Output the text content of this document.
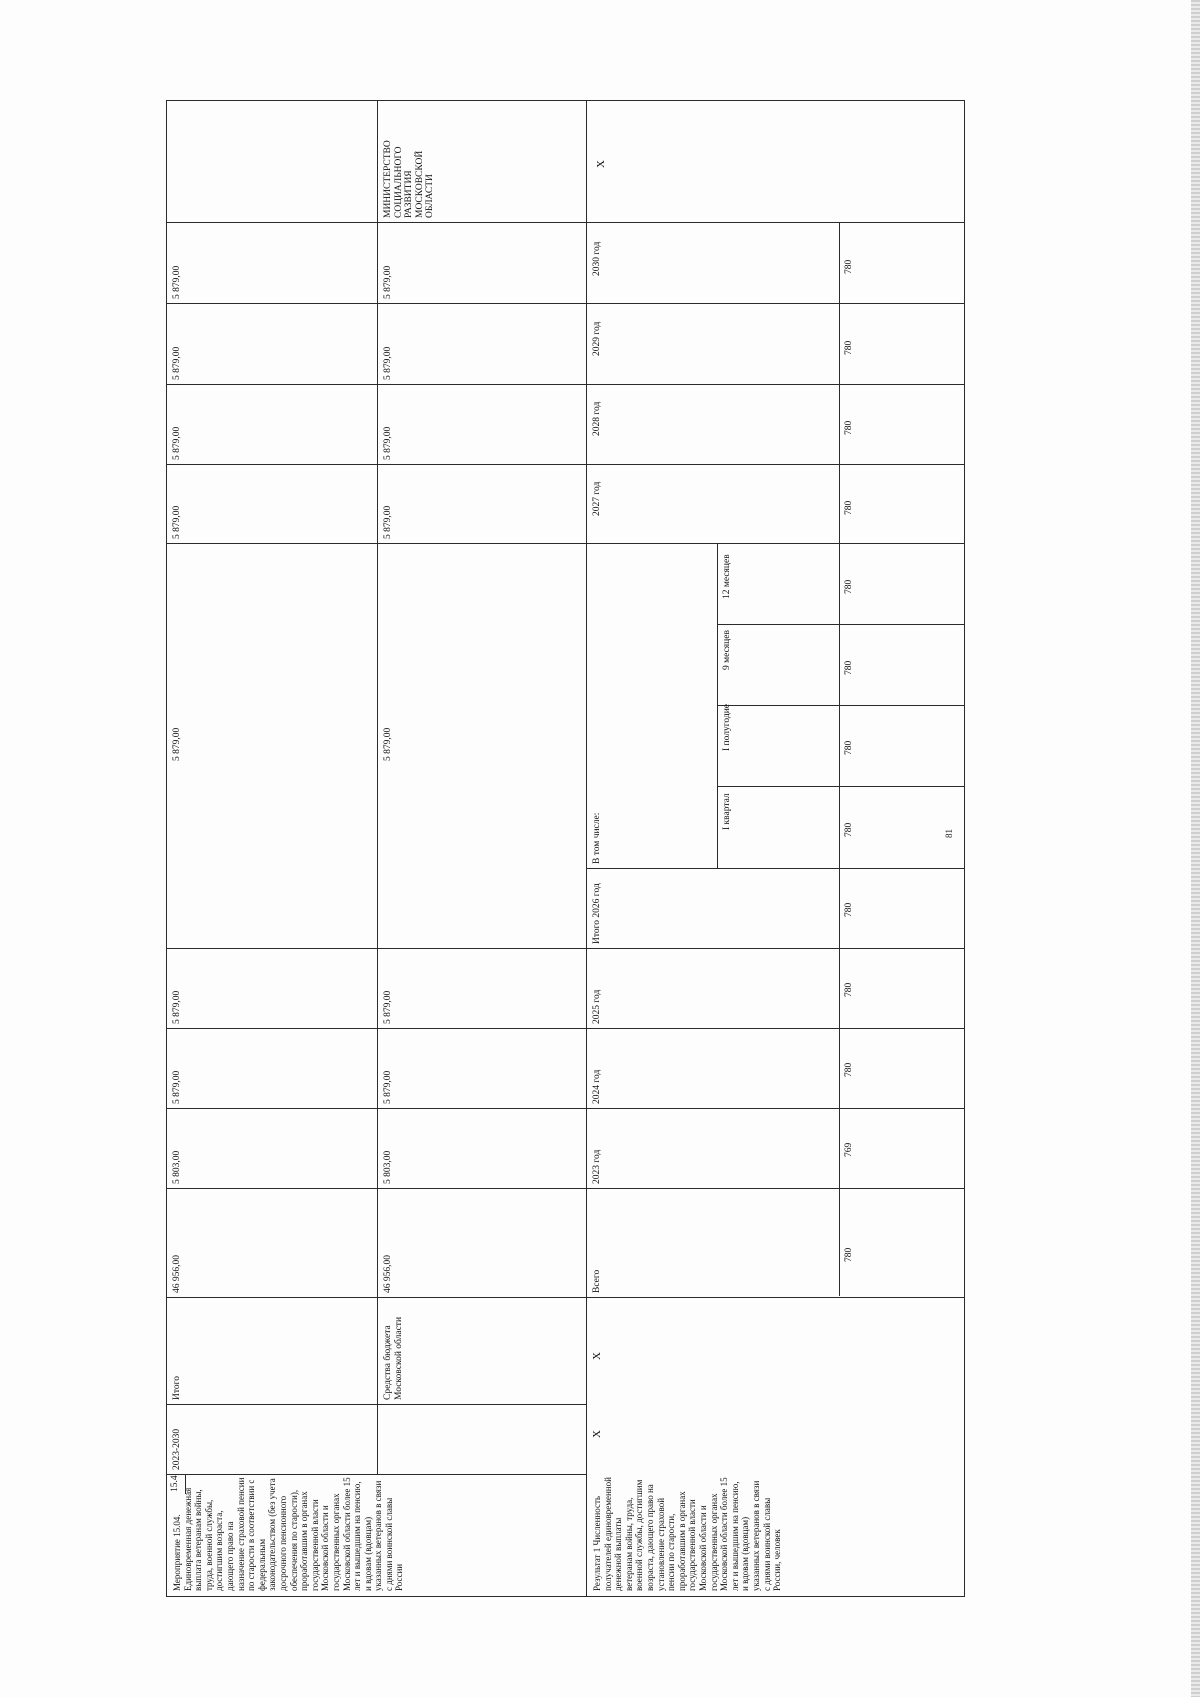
15.4
Мероприятие 15.04. Единовременная денежная выплата ветеранам войны, труда, военной службы, достигшим возраста, дающего право на назначение страховой пенсии по старости в соответствии с федеральным законодательством (без учета досрочного пенсионного обеспечения по старости), проработавшим в органах государственной власти Московской области и государственных органах Московской области более 15 лет и вышедшим на пенсию, и вдовам (вдовцам) указанных ветеранов в связи с днями воинской славы России
2023-2030
Итого	Средства бюджета Московской области
46 956,00	46 956,00
5 803,00
5 879,00
5 879,00
5 879,00
5 879,00
5 879,00
5 879,00
5 879,00
5 803,00
5 879,00
5 879,00
5 879,00
5 879,00
5 879,00
5 879,00
5 879,00
МИНИСТЕРСТВО СОЦИАЛЬНОГО РАЗВИТИЯ МОСКОВСКОЙ ОБЛАСТИ
Результат 1 Численность получателей единовременной денежной выплаты ветеранам войны, труда, военной службы, достигшим возраста, дающего право на установление страховой пенсии по старости, проработавшим в органах государственной власти Московской области и государственных органах Московской области более 15 лет и вышедшим на пенсию, и вдовам (вдовцам) указанных ветеранов в связи с днями воинской славы России, человек
X
X
X
Всего
2023 год
2024 год
2025 год
Итого 2026 год
В том числе:
I квартал
I полугодие
9 месяцев
12 месяцев
2027 год
2028 год
2029 год
2030 год
780
769
780
780
780
780
780
780
780
780
780
780
780
81
